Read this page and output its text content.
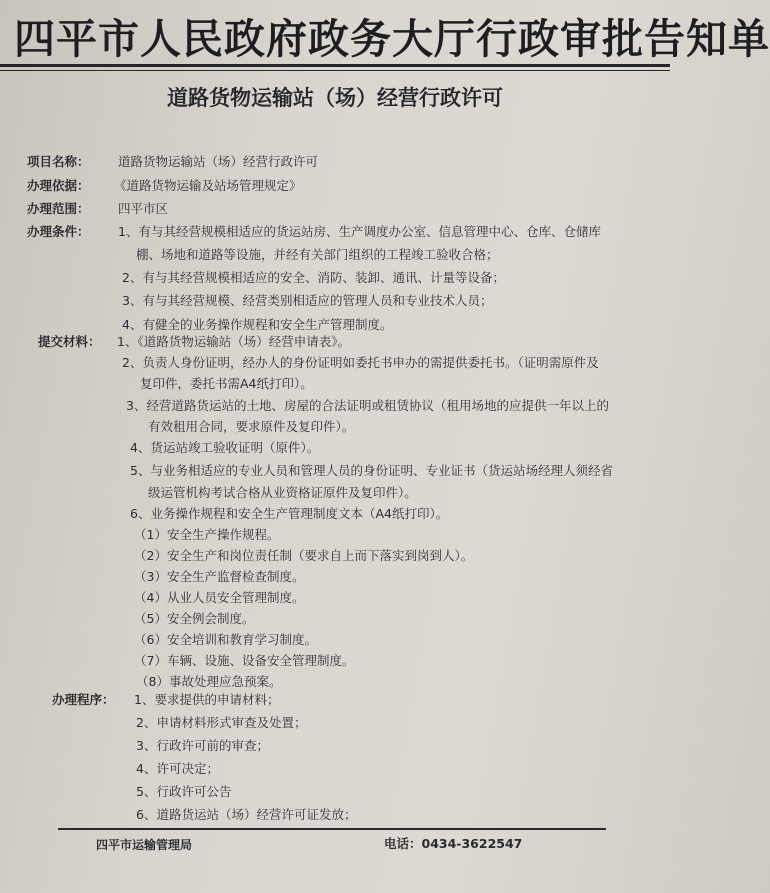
四平市人民政府政务大厅行政审批告知单
道路货物运输站（场）经营行政许可
项目名称： 道路货物运输站（场）经营行政许可
办理依据： 《道路货物运输及站场管理规定》
办理范围： 四平市区
办理条件： 1、有与其经营规模相适应的货运站房、生产调度办公室、信息管理中心、仓库、仓储库
棚、场地和道路等设施，并经有关部门组织的工程竣工验收合格；
2、有与其经营规模相适应的安全、消防、装卸、通讯、计量等设备；
3、有与其经营规模、经营类别相适应的管理人员和专业技术人员；
4、有健全的业务操作规程和安全生产管理制度。
提交材料： 1、《道路货物运输站（场）经营申请表》。
2、负责人身份证明，经办人的身份证明如委托书申办的需提供委托书。（证明需原件及
复印件，委托书需A4纸打印）。
3、经营道路货运站的土地、房屋的合法证明或租赁协议（租用场地的应提供一年以上的
有效租用合同，要求原件及复印件）。
4、货运站竣工验收证明（原件）。
5、与业务相适应的专业人员和管理人员的身份证明、专业证书（货运站场经理人须经省
级运管机构考试合格从业资格证原件及复印件）。
6、业务操作规程和安全生产管理制度文本（A4纸打印）。
（1）安全生产操作规程。
（2）安全生产和岗位责任制（要求自上而下落实到岗到人）。
（3）安全生产监督检查制度。
（4）从业人员安全管理制度。
（5）安全例会制度。
（6）安全培训和教育学习制度。
（7）车辆、设施、设备安全管理制度。
（8）事故处理应急预案。
办理程序：
四平市运输管理局	电话：0434-3622547
1、要求提供的申请材料；
2、申请材料形式审查及处置；
3、行政许可前的审查；
4、许可决定；
5、行政许可公告
6、道路货运站（场）经营许可证发放；
